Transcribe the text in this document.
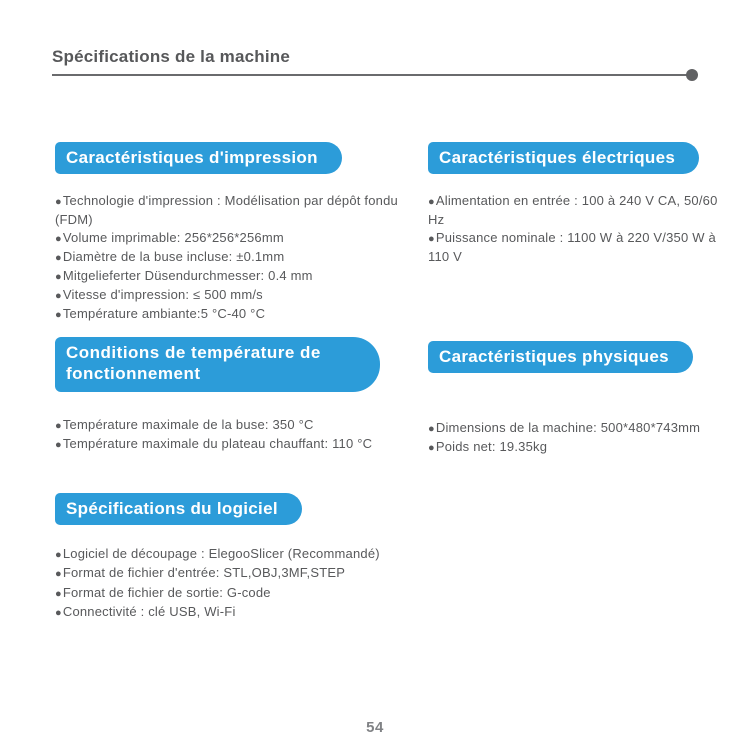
Spécifications de la machine
Caractéristiques d'impression
●Technologie d'impression : Modélisation par dépôt fondu (FDM)
●Volume imprimable: 256*256*256mm
●Diamètre de la buse incluse: ±0.1mm
●Mitgelieferter Düsendurchmesser: 0.4 mm
●Vitesse d'impression: ≤ 500 mm/s
●Température ambiante:5 °C-40 °C
Caractéristiques électriques
●Alimentation en entrée : 100 à 240 V CA, 50/60 Hz
●Puissance nominale : 1100 W à 220 V/350 W à 110 V
Conditions de température de fonctionnement
●Température maximale de la buse: 350 °C
●Température maximale du plateau chauffant: 110 °C
Caractéristiques physiques
●Dimensions de la machine: 500*480*743mm
●Poids net: 19.35kg
Spécifications du logiciel
●Logiciel de découpage : ElegooSlicer (Recommandé)
●Format de fichier d'entrée: STL,OBJ,3MF,STEP
●Format de fichier de sortie: G-code
●Connectivité : clé USB, Wi-Fi
54
